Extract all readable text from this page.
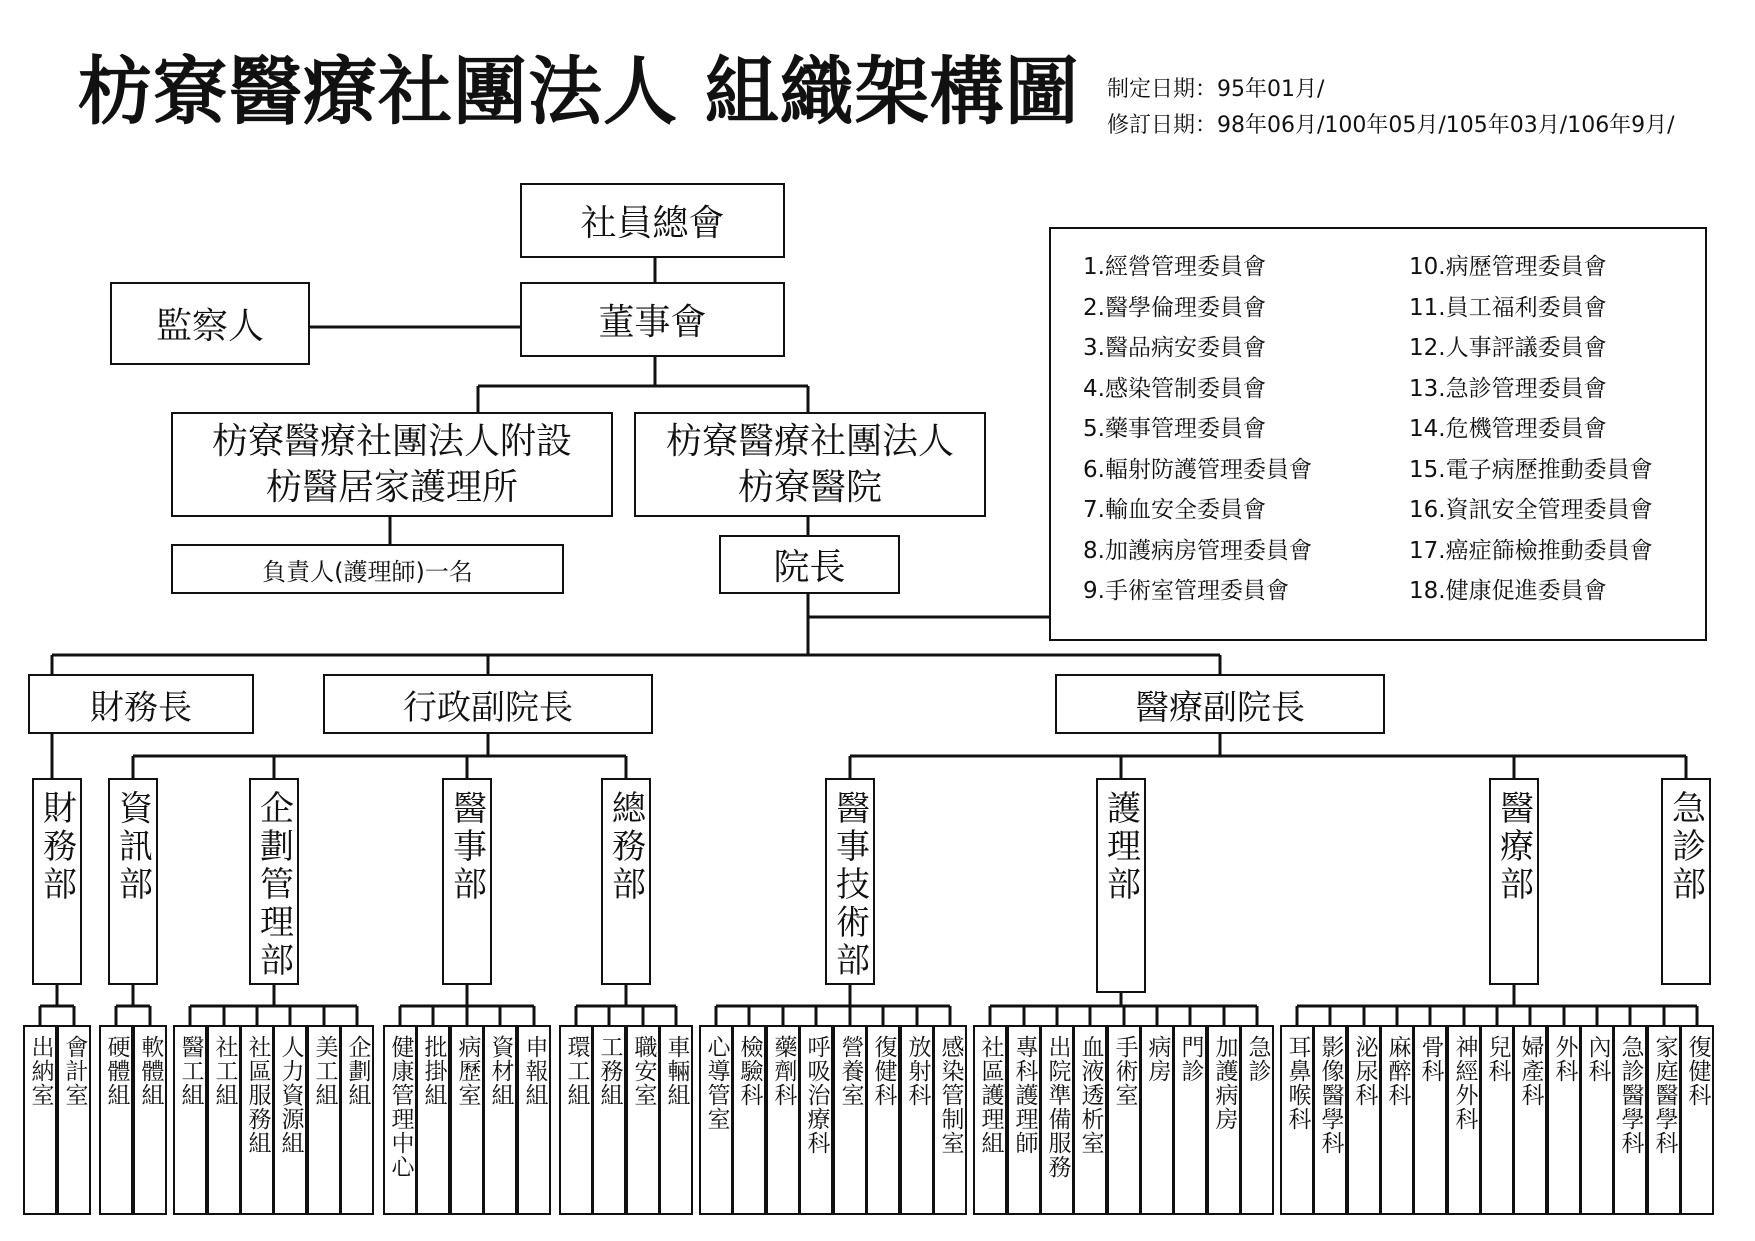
枋寮醫療社團法人 組織架構圖 制定日期：95年01月/
修訂日期：98年06月/100年05月/105年03月/106年9月/
社員總會
監察人	董事會
枋寮醫療社團法人附設
枋醫居家護理所
負責人(護理師)一名
枋寮醫療社團法人
枋寮醫院
院長
1.經營管理委員會
2.醫學倫理委員會
3.醫品病安委員會
4.感染管制委員會
5.藥事管理委員會
6.輻射防護管理委員會
7.輸血安全委員會
8.加護病房管理委員會
9.手術室管理委員會
10.病歷管理委員會
11.員工福利委員會
12.人事評議委員會
13.急診管理委員會
14.危機管理委員會
15.電子病歷推動委員會
16.資訊安全管理委員會
17.癌症篩檢推動委員會
18.健康促進委員會
財務長	行政副院長	醫療副院長
財務部 資訊部	企劃管理部	醫事部	總務部	醫事技術部	護理部	醫療部	急診部
出納室 會計室 硬體組 軟體組 醫工組 社工組 社區服務組 人力資源組 美工組 企劃組 健康管理中心 批掛組 病歷室 資材組 申報組 環工組 工務組 職安室 車輛組 心導管室 檢驗科 藥劑科 呼吸治療科 營養室 復健科 放射科 感染管制室 社區護理組 專科護理師 出院準備服務 血液透析室 手術室 病房 門診 加護病房 急診 耳鼻喉科 影像醫學科 泌尿科 麻醉科 骨科 神經外科 兒科 婦產科 外科 內科 急診醫學科 家庭醫學科 復健科
